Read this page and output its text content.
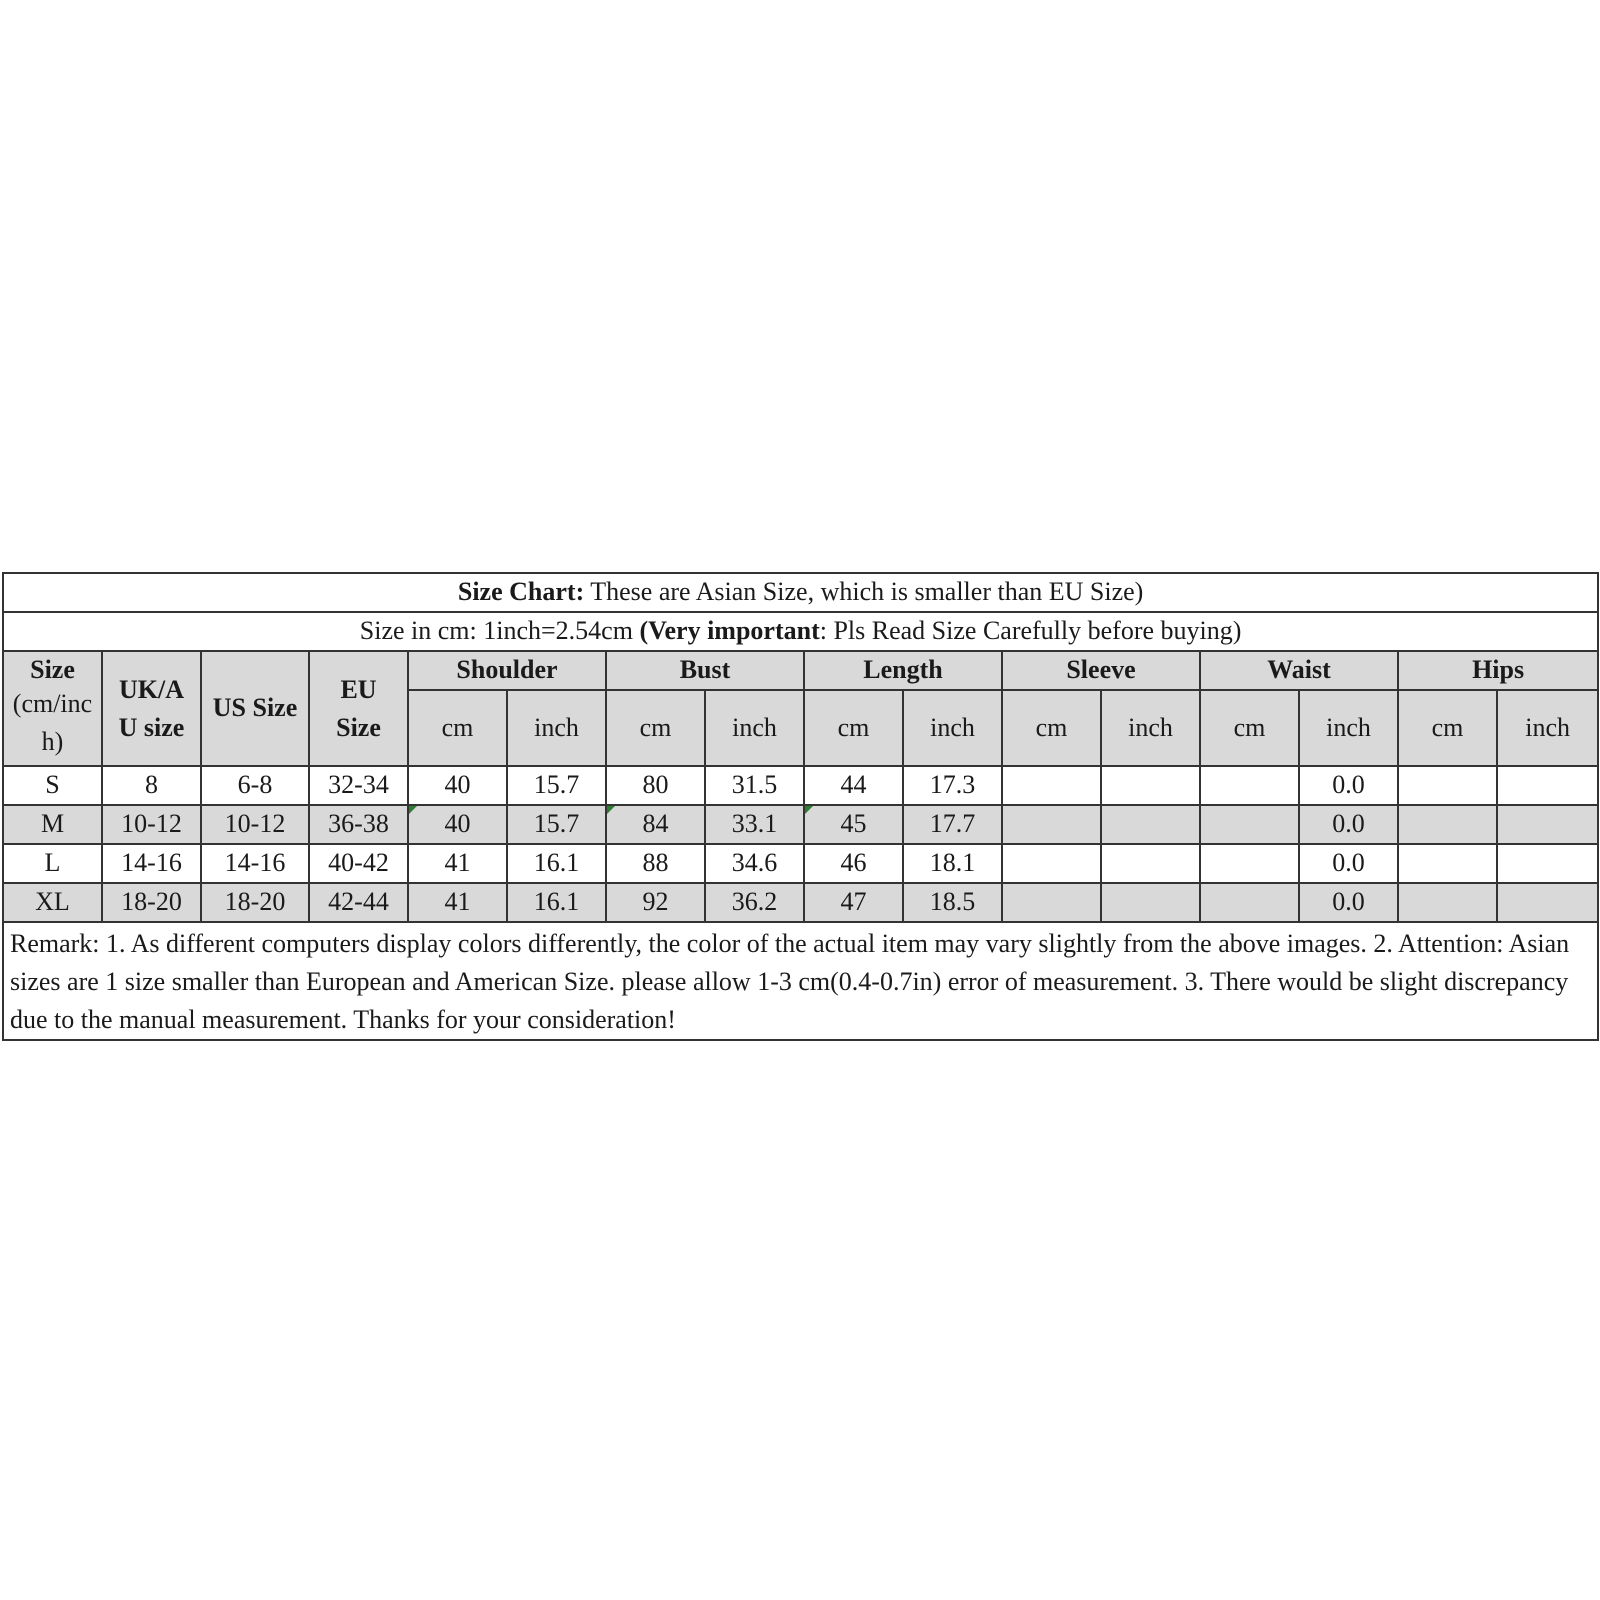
Size Chart: These are Asian Size, which is smaller than EU Size)															
Size in cm: 1inch=2.54cm (Very important: Pls Read Size Carefully before buying)															
Size
(cm/inch)	UK/AU size	US Size	EU Size	Shoulder		Bust		Length		Sleeve		Waist		Hips	
				cm	inch	cm	inch	cm	inch	cm	inch	cm	inch	cm	inch
S	8	6-8	32-34	40	15.7	80	31.5	44	17.3				0.0		
M	10-12	10-12	36-38	40	15.7	84	33.1	45	17.7				0.0		
L	14-16	14-16	40-42	41	16.1	88	34.6	46	18.1				0.0		
XL	18-20	18-20	42-44	41	16.1	92	36.2	47	18.5				0.0		
Remark: 1. As different computers display colors differently, the color of the actual item may vary slightly from the above images. 2. Attention: Asian sizes are 1 size smaller than European and American Size. please allow 1-3 cm(0.4-0.7in) error of measurement. 3. There would be slight discrepancy due to the manual measurement. Thanks for your consideration!															
